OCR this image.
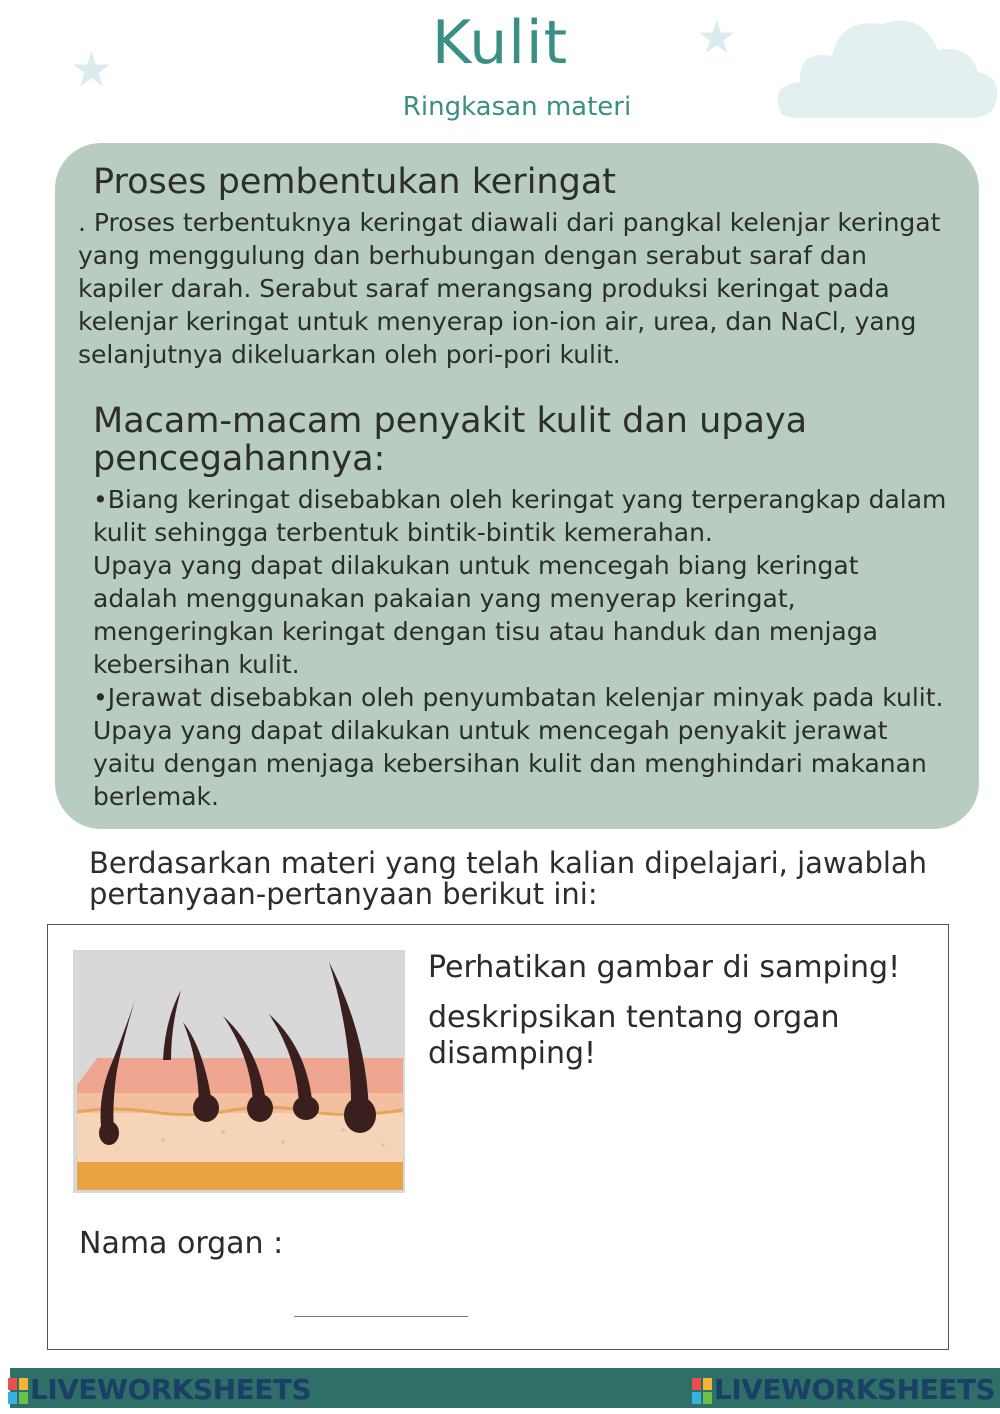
★
★
Kulit
Ringkasan materi
Proses pembentukan keringat
. Proses terbentuknya keringat diawali dari pangkal kelenjar keringat
yang menggulung dan berhubungan dengan serabut saraf dan
kapiler darah. Serabut saraf merangsang produksi keringat pada
kelenjar keringat untuk menyerap ion-ion air, urea, dan NaCl, yang
selanjutnya dikeluarkan oleh pori-pori kulit.
Macam-macam penyakit kulit dan upaya
pencegahannya:
•Biang keringat disebabkan oleh keringat yang terperangkap dalam
kulit sehingga terbentuk bintik-bintik kemerahan.
Upaya yang dapat dilakukan untuk mencegah biang keringat
adalah menggunakan pakaian yang menyerap keringat,
mengeringkan keringat dengan tisu atau handuk dan menjaga
kebersihan kulit.
•Jerawat disebabkan oleh penyumbatan kelenjar minyak pada kulit.
Upaya yang dapat dilakukan untuk mencegah penyakit jerawat
yaitu dengan menjaga kebersihan kulit dan menghindari makanan
berlemak.
Berdasarkan materi yang telah kalian dipelajari, jawablah
pertanyaan-pertanyaan berikut ini:
Perhatikan gambar di samping!
deskripsikan tentang organ
disamping!
Nama organ :
LIVEWORKSHEETS	LIVEWORKSHEETS
